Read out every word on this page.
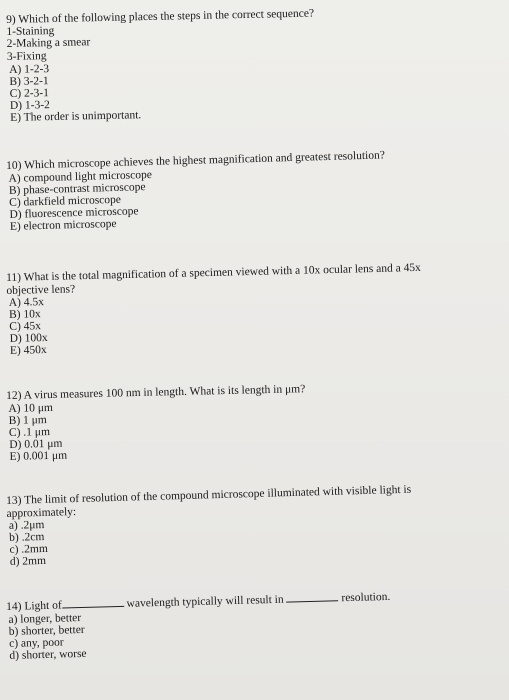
9) Which of the following places the steps in the correct sequence?
1-Staining
2-Making a smear
3-Fixing
A) 1-2-3
B) 3-2-1
C) 2-3-1
D) 1-3-2
E) The order is unimportant.
10) Which microscope achieves the highest magnification and greatest resolution?
A) compound light microscope
B) phase-contrast microscope
C) darkfield microscope
D) fluorescence microscope
E) electron microscope
11) What is the total magnification of a specimen viewed with a 10x ocular lens and a 45x
objective lens?
A) 4.5x
B) 10x
C) 45x
D) 100x
E) 450x
12) A virus measures 100 nm in length. What is its length in μm?
A) 10 μm
B) 1 μm
C) .1 μm
D) 0.01 μm
E) 0.001 μm
13) The limit of resolution of the compound microscope illuminated with visible light is
approximately:
a) .2μm
b) .2cm
c) .2mm
d) 2mm
14) Light of	wavelength typically will result in	resolution.
a) longer, better
b) shorter, better
c) any, poor
d) shorter, worse
